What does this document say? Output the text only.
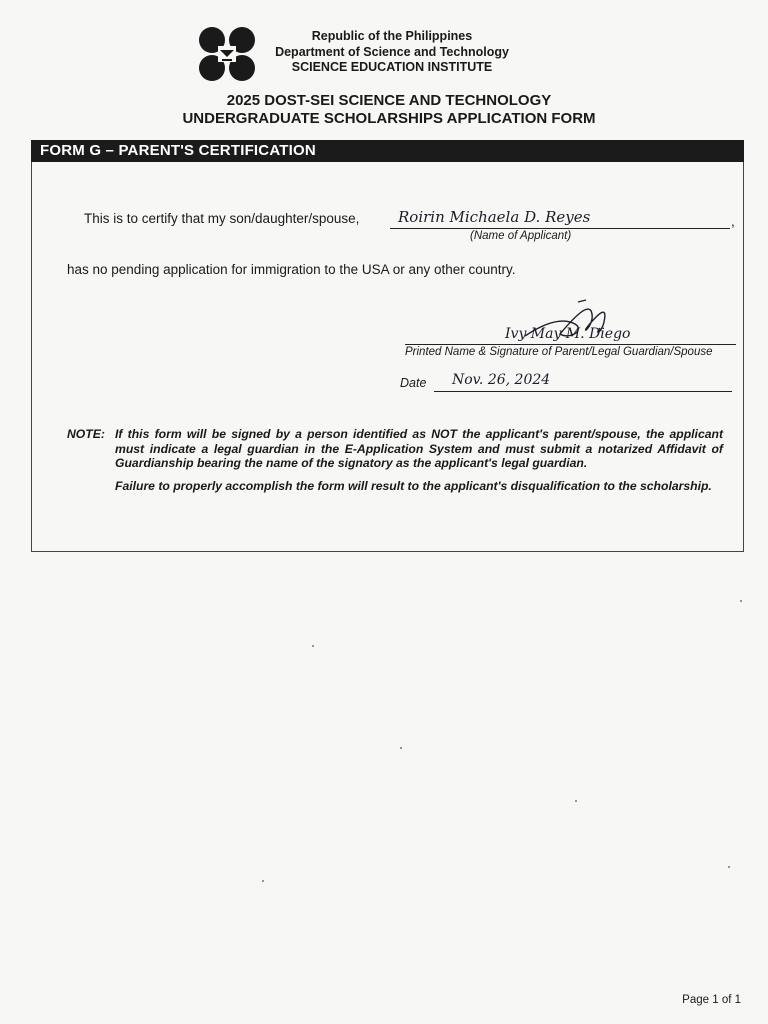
Republic of the Philippines
Department of Science and Technology
SCIENCE EDUCATION INSTITUTE
2025 DOST-SEI SCIENCE AND TECHNOLOGY
UNDERGRADUATE SCHOLARSHIPS APPLICATION FORM
FORM G – PARENT'S CERTIFICATION
This is to certify that my son/daughter/spouse,	Roirin Michaela D. Reyes	,
(Name of Applicant)
has no pending application for immigration to the USA or any other country.
Ivy May M. Diego
Printed Name & Signature of Parent/Legal Guardian/Spouse
Date Nov. 26, 2024
NOTE: If this form will be signed by a person identified as NOT the applicant's parent/spouse, the applicant must indicate a legal guardian in the E-Application System and must submit a notarized Affidavit of Guardianship bearing the name of the signatory as the applicant's legal guardian.

Failure to properly accomplish the form will result to the applicant's disqualification to the scholarship.

Page 1 of 1
